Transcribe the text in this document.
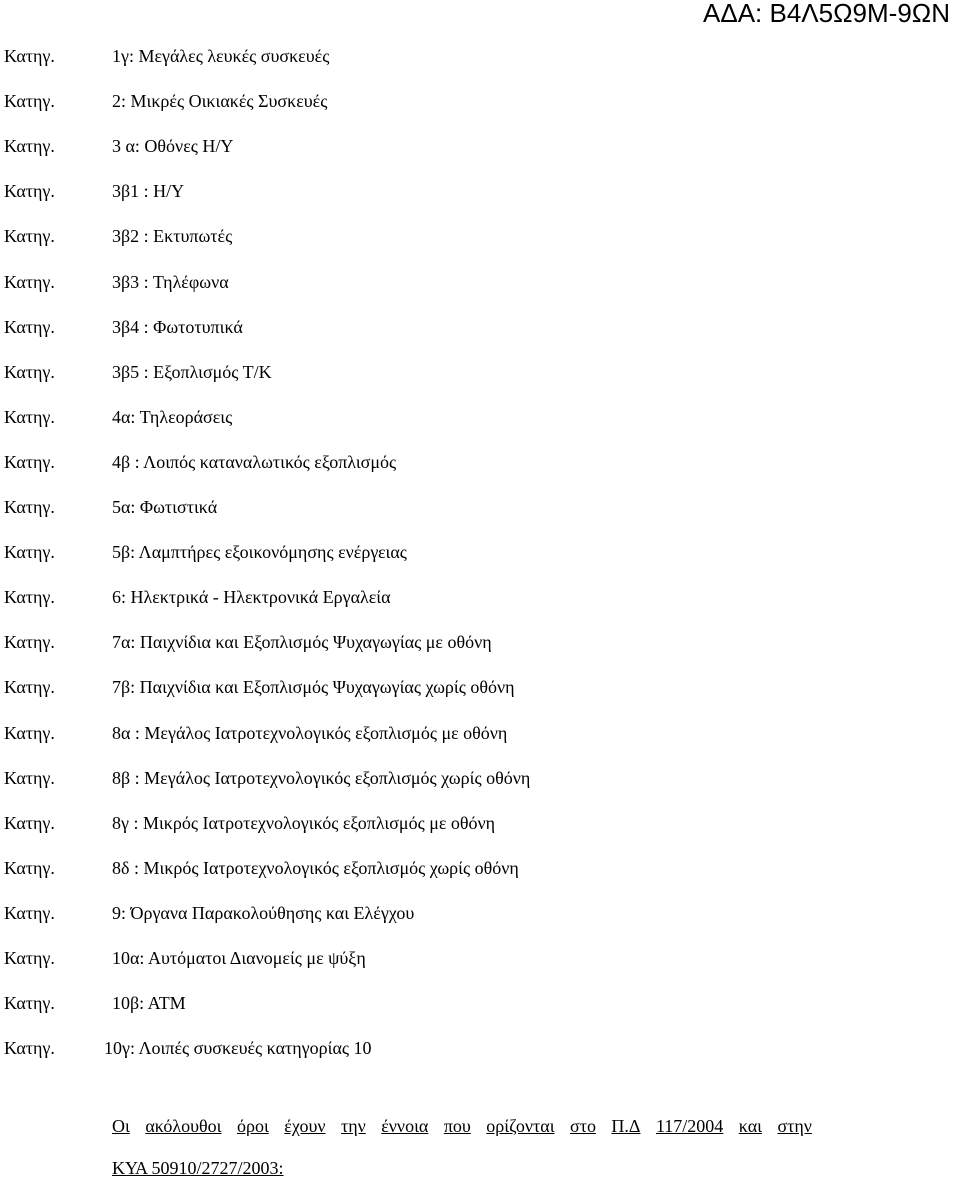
ΑΔΑ: Β4Λ5Ω9Μ-9ΩΝ
Κατηγ.	1γ: Μεγάλες λευκές συσκευές
Κατηγ.	2: Μικρές Οικιακές Συσκευές
Κατηγ.	3 α: Οθόνες Η/Υ
Κατηγ.	3β1 : Η/Υ
Κατηγ.	3β2 : Εκτυπωτές
Κατηγ.	3β3 : Τηλέφωνα
Κατηγ.	3β4 : Φωτοτυπικά
Κατηγ.	3β5 : Εξοπλισμός Τ/Κ
Κατηγ.	4α: Τηλεοράσεις
Κατηγ.	4β : Λοιπός καταναλωτικός εξοπλισμός
Κατηγ.	5α: Φωτιστικά
Κατηγ.	5β: Λαμπτήρες εξοικονόμησης ενέργειας
Κατηγ.	6: Ηλεκτρικά - Ηλεκτρονικά Εργαλεία
Κατηγ.	7α: Παιχνίδια και Εξοπλισμός Ψυχαγωγίας με οθόνη
Κατηγ.	7β: Παιχνίδια και Εξοπλισμός Ψυχαγωγίας χωρίς οθόνη
Κατηγ.	8α : Μεγάλος Ιατροτεχνολογικός εξοπλισμός με οθόνη
Κατηγ.	8β : Μεγάλος Ιατροτεχνολογικός εξοπλισμός χωρίς οθόνη
Κατηγ.	8γ : Μικρός Ιατροτεχνολογικός εξοπλισμός με οθόνη
Κατηγ.	8δ : Μικρός Ιατροτεχνολογικός εξοπλισμός χωρίς οθόνη
Κατηγ.	9: Όργανα Παρακολούθησης και Ελέγχου
Κατηγ.	10α: Αυτόματοι Διανομείς με ψύξη
Κατηγ.	10β: ΑΤΜ
Κατηγ.	10γ: Λοιπές συσκευές κατηγορίας 10
Οι ακόλουθοι όροι έχουν την έννοια που ορίζονται στο Π.Δ 117/2004 και στην
ΚΥΑ 50910/2727/2003:
